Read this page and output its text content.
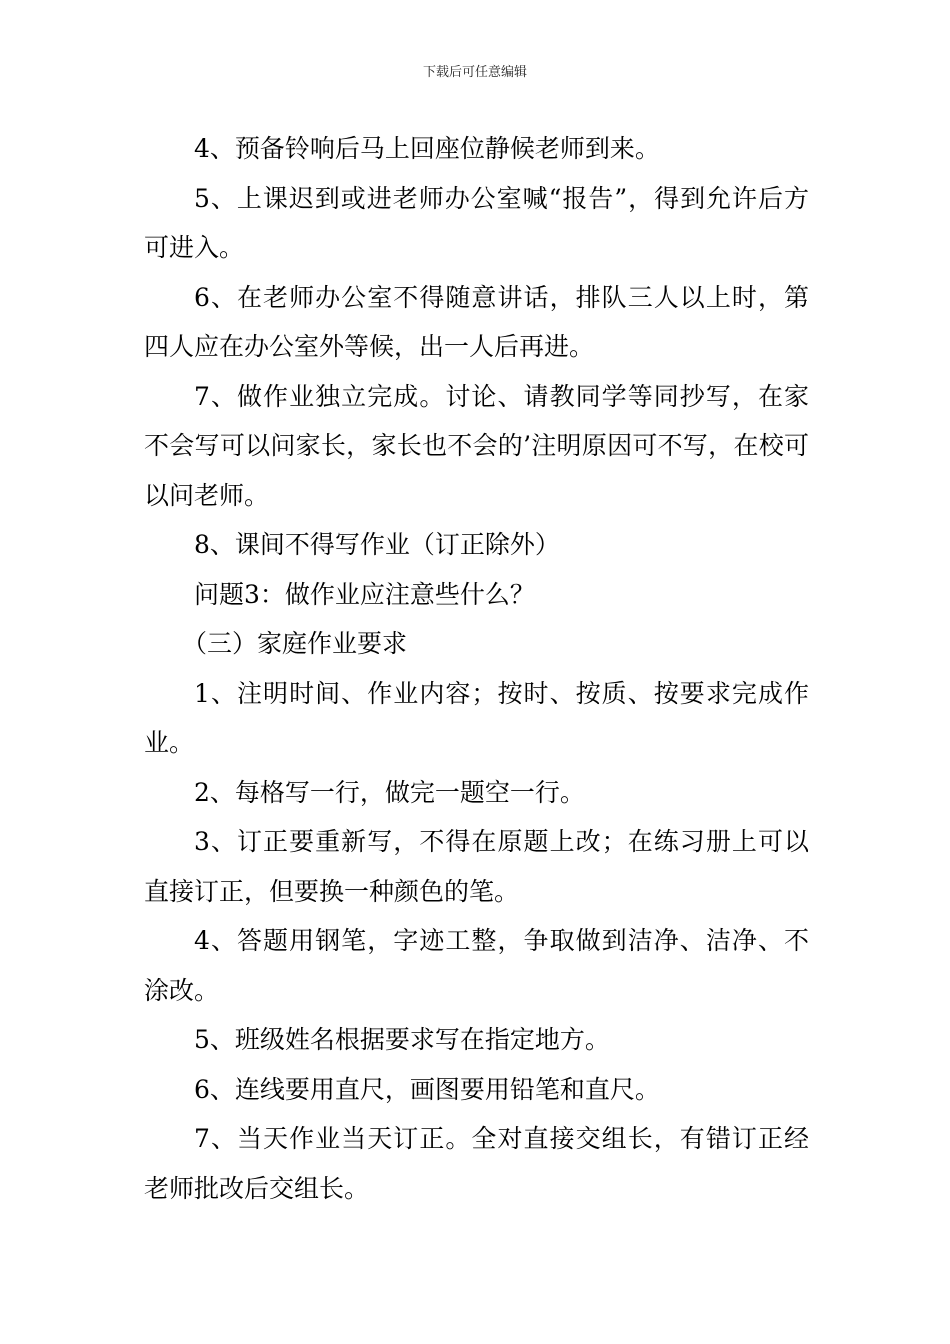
下载后可任意编辑

4、预备铃响后马上回座位静候老师到来。

5、上课迟到或进老师办公室喊“报告”，得到允许后方可进入。

6、在老师办公室不得随意讲话，排队三人以上时，第四人应在办公室外等候，出一人后再进。

7、做作业独立完成。讨论、请教同学等同抄写，在家不会写可以问家长，家长也不会的’注明原因可不写，在校可以问老师。

8、课间不得写作业（订正除外）

问题3：做作业应注意些什么？

（三）家庭作业要求

1、注明时间、作业内容；按时、按质、按要求完成作业。

2、每格写一行，做完一题空一行。

3、订正要重新写，不得在原题上改；在练习册上可以直接订正，但要换一种颜色的笔。

4、答题用钢笔，字迹工整，争取做到洁净、洁净、不涂改。

5、班级姓名根据要求写在指定地方。

6、连线要用直尺，画图要用铅笔和直尺。

7、当天作业当天订正。全对直接交组长，有错订正经老师批改后交组长。
